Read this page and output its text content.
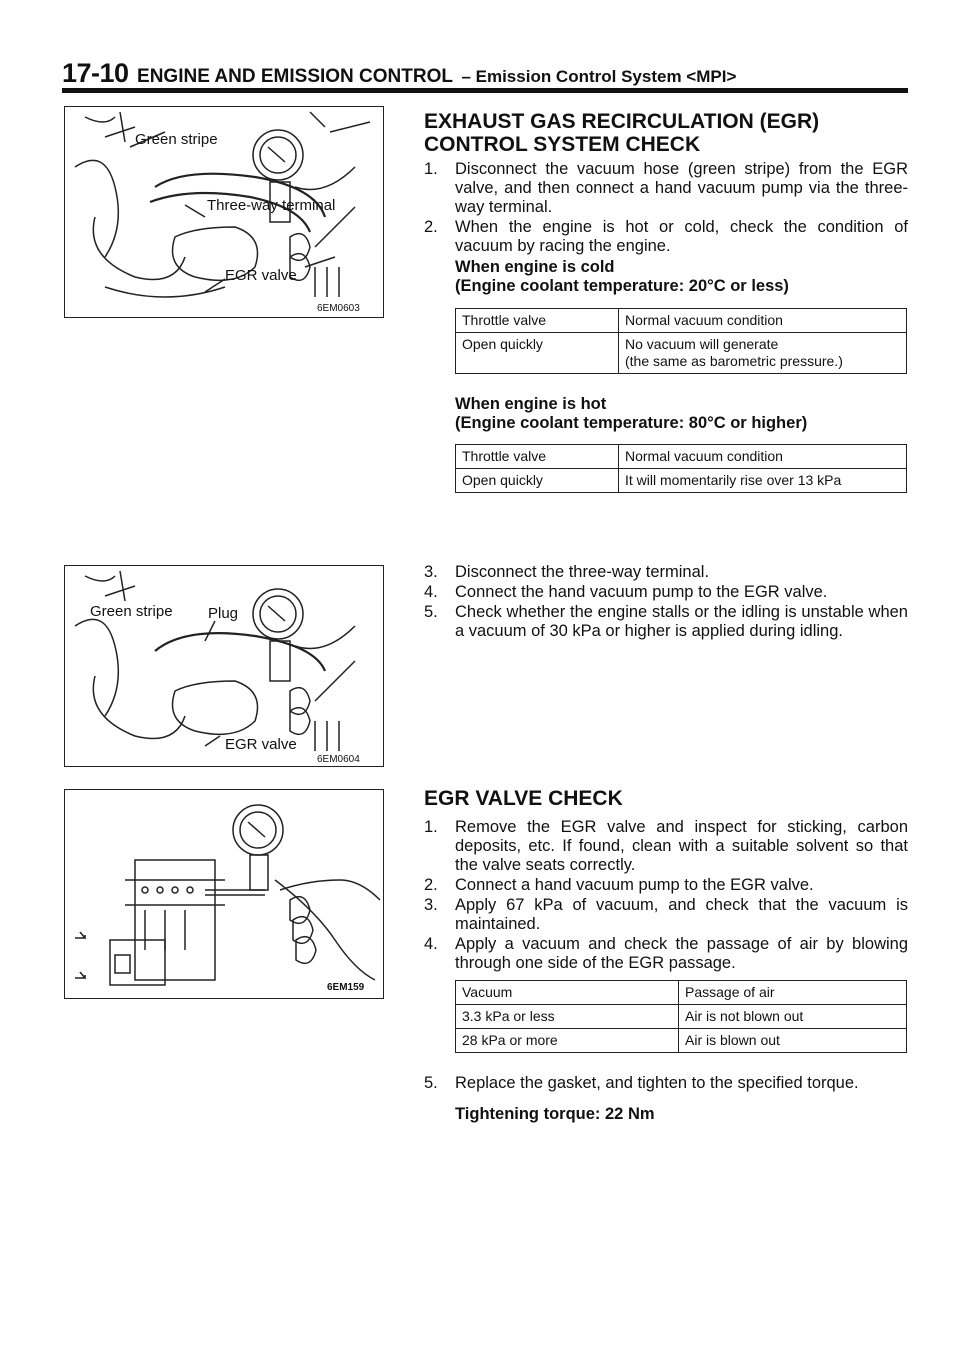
17-10 ENGINE AND EMISSION CONTROL – Emission Control System <MPI>
Green stripe
Three-way terminal
EGR valve
6EM0603
Green stripe Plug
EGR valve
6EM0604
6EM159
EXHAUST GAS RECIRCULATION (EGR)
CONTROL SYSTEM CHECK
1. Disconnect the vacuum hose (green stripe) from the EGR valve, and then connect a hand vacuum pump via the three-way terminal.
2. When the engine is hot or cold, check the condition of vacuum by racing the engine.
When engine is cold
(Engine coolant temperature: 20°C or less)
Throttle valve	Normal vacuum condition
Open quickly	No vacuum will generate
(the same as barometric pressure.)
When engine is hot
(Engine coolant temperature: 80°C or higher)
Throttle valve	Normal vacuum condition
Open quickly	It will momentarily rise over 13 kPa
3. Disconnect the three-way terminal.
4. Connect the hand vacuum pump to the EGR valve.
5. Check whether the engine stalls or the idling is unstable when a vacuum of 30 kPa or higher is applied during idling.
EGR VALVE CHECK
1. Remove the EGR valve and inspect for sticking, carbon deposits, etc. If found, clean with a suitable solvent so that the valve seats correctly.
2. Connect a hand vacuum pump to the EGR valve.
3. Apply 67 kPa of vacuum, and check that the vacuum is maintained.
4. Apply a vacuum and check the passage of air by blowing through one side of the EGR passage.
Vacuum	Passage of air
3.3 kPa or less	Air is not blown out
28 kPa or more	Air is blown out
5. Replace the gasket, and tighten to the specified torque.
Tightening torque: 22 Nm
